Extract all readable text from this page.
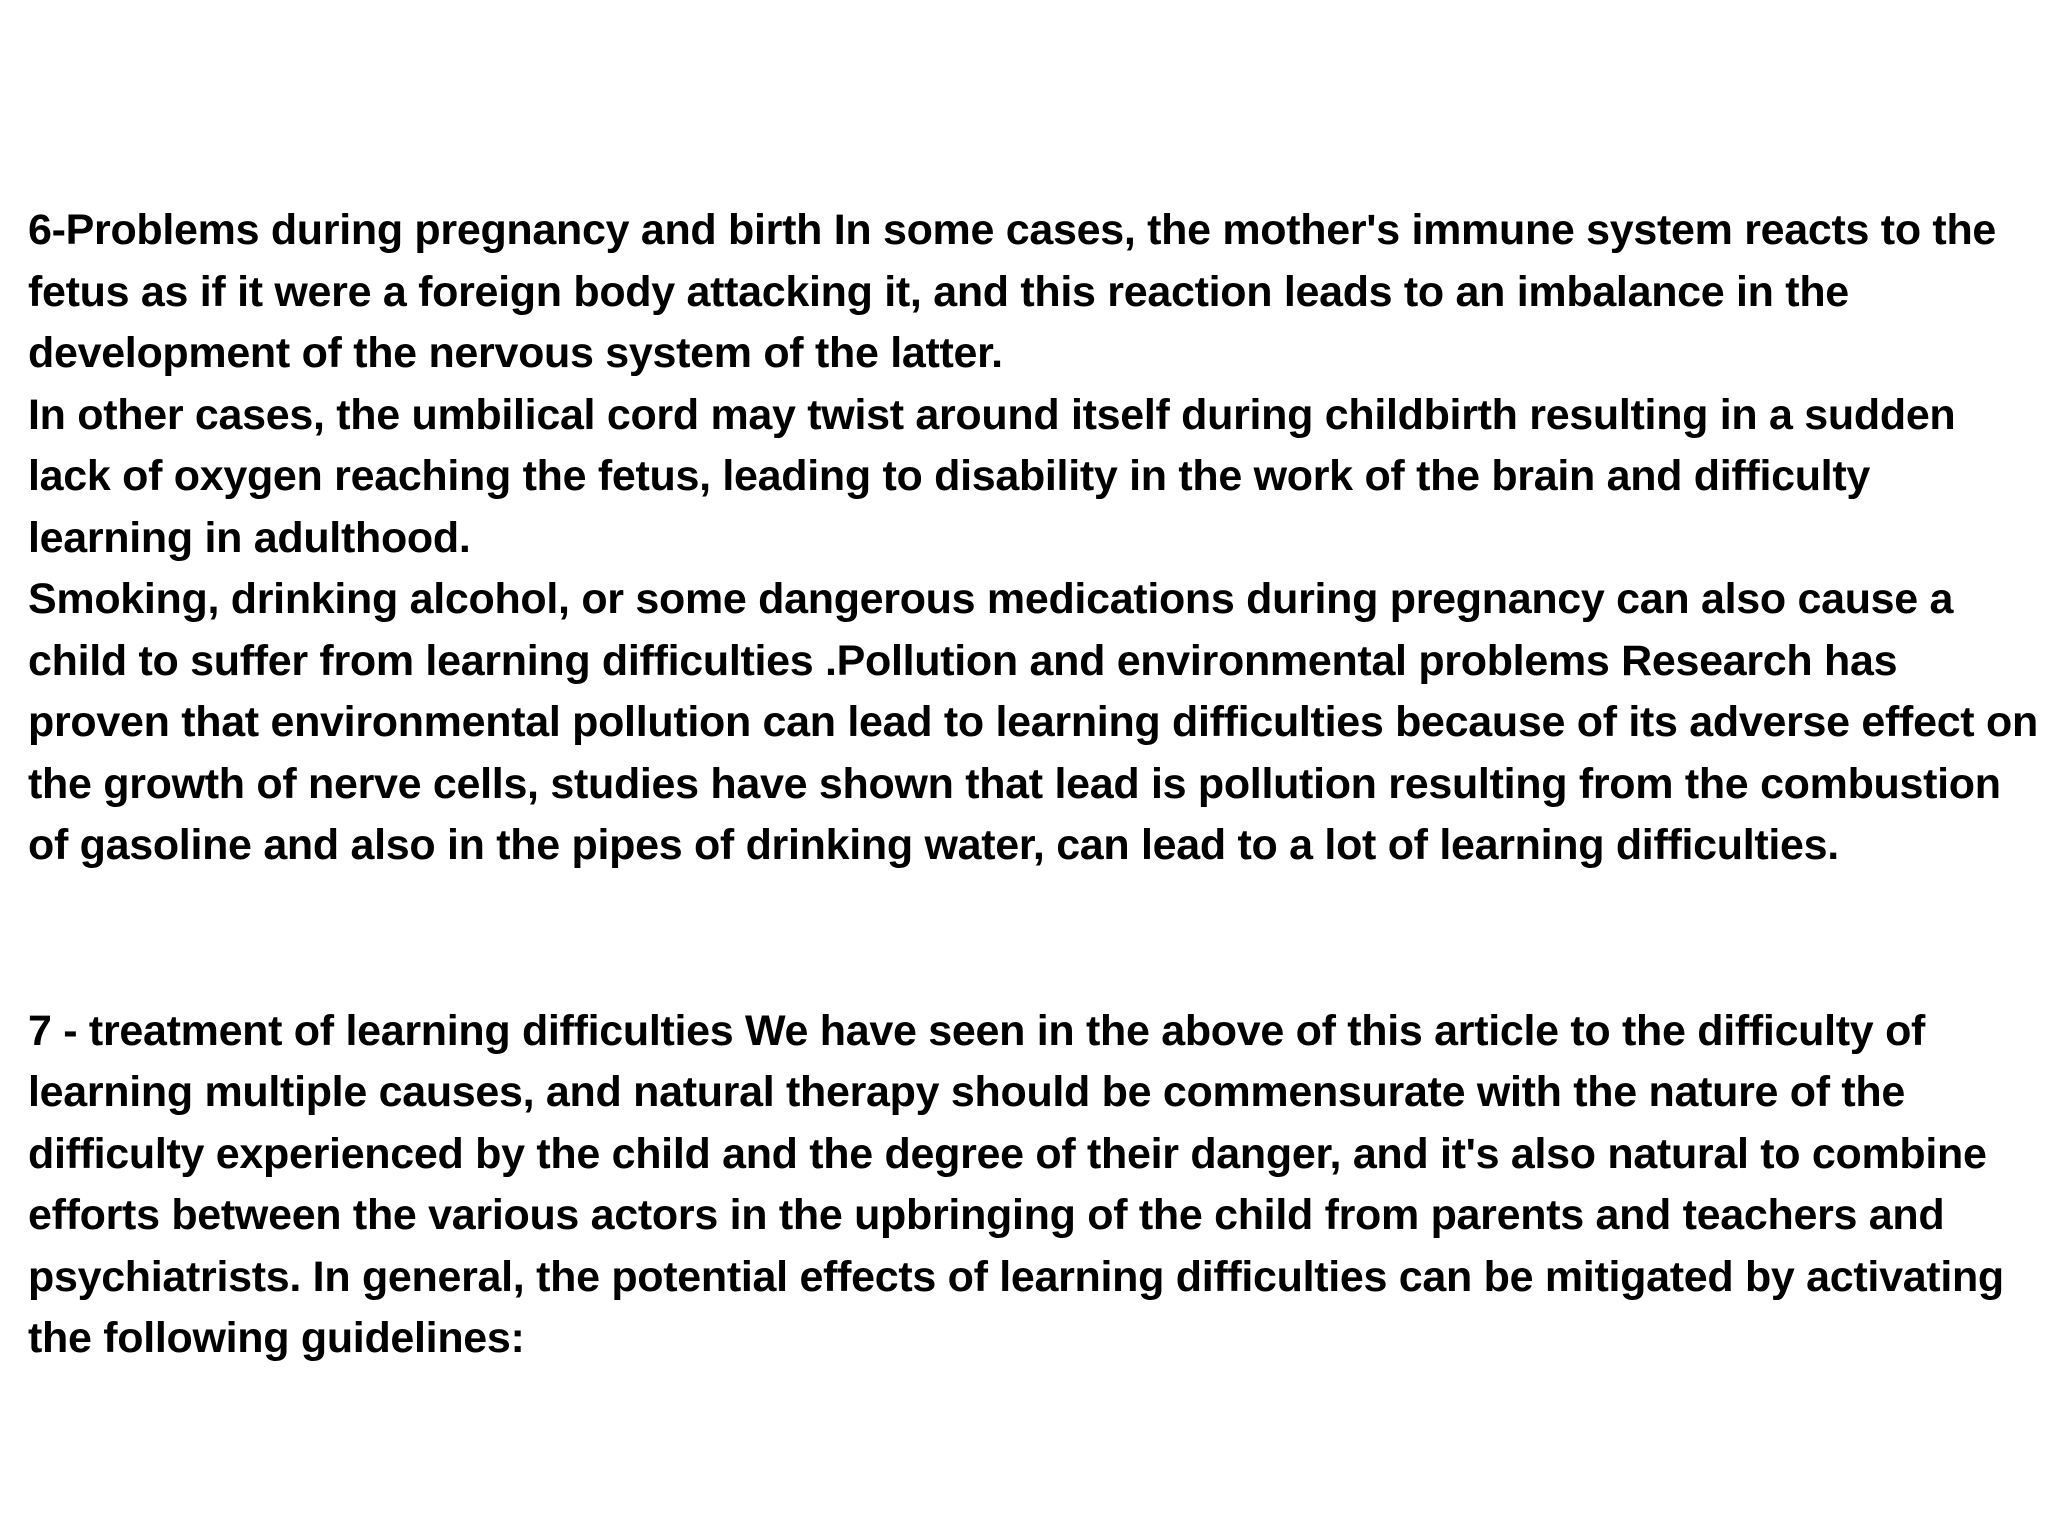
6-Problems during pregnancy and birth In some cases, the mother's immune system reacts to the fetus as if it were a foreign body attacking it, and this reaction leads to an imbalance in the development of the nervous system of the latter.

In other cases, the umbilical cord may twist around itself during childbirth resulting in a sudden lack of oxygen reaching the fetus, leading to disability in the work of the brain and difficulty learning in adulthood.

Smoking, drinking alcohol, or some dangerous medications during pregnancy can also cause a child to suffer from learning difficulties .Pollution and environmental problems Research has proven that environmental pollution can lead to learning difficulties because of its adverse effect on the growth of nerve cells, studies have shown that lead is pollution resulting from the combustion of gasoline and also in the pipes of drinking water, can lead to a lot of learning difficulties.

7 - treatment of learning difficulties We have seen in the above of this article to the difficulty of learning multiple causes, and natural therapy should be commensurate with the nature of the difficulty experienced by the child and the degree of their danger, and it's also natural to combine efforts between the various actors in the upbringing of the child from parents and teachers and psychiatrists. In general, the potential effects of learning difficulties can be mitigated by activating the following guidelines:
